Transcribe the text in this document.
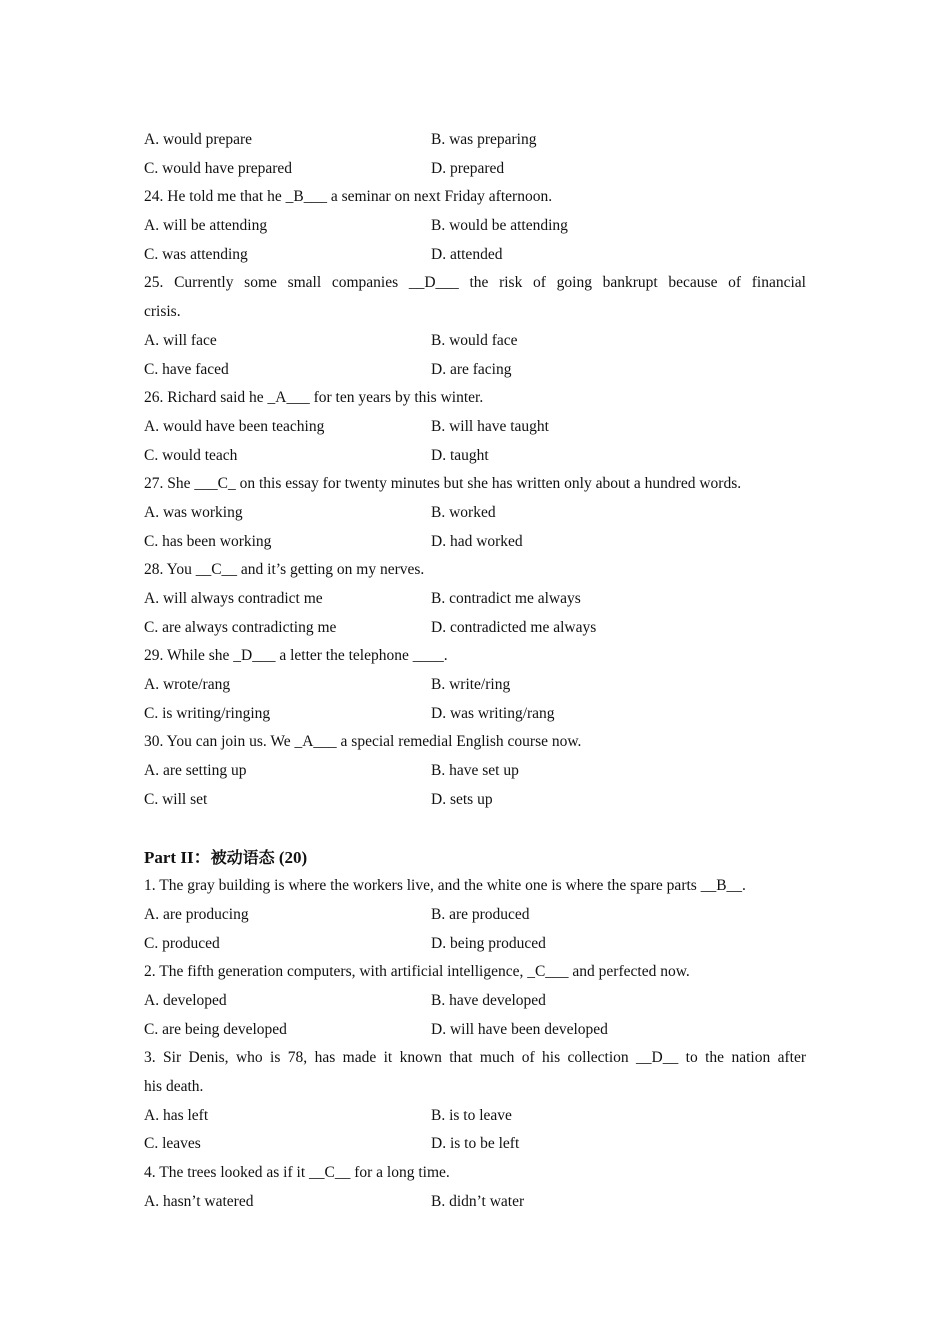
A. would prepare	B. was preparing
C. would have prepared	D. prepared
24. He told me that he _B___ a seminar on next Friday afternoon.
A. will be attending	B. would be attending
C. was attending	D. attended
25. Currently some small companies __D___ the risk of going bankrupt because of financial
crisis.
A. will face	B. would face
C. have faced	D. are facing
26. Richard said he _A___ for ten years by this winter.
A. would have been teaching	B. will have taught
C. would teach	D. taught
27. She ___C_ on this essay for twenty minutes but she has written only about a hundred words.
A. was working	B. worked
C. has been working	D. had worked
28. You __C__ and it’s getting on my nerves.
A. will always contradict me	B. contradict me always
C. are always contradicting me	D. contradicted me always
29. While she _D___ a letter the telephone ____.
A. wrote/rang	B. write/ring
C. is writing/ringing	D. was writing/rang
30. You can join us. We _A___ a special remedial English course now.
A. are setting up	B. have set up
C. will set	D. sets up
Part II：被动语态 (20)
1. The gray building is where the workers live, and the white one is where the spare parts __B__.
A. are producing	B. are produced
C. produced	D. being produced
2. The fifth generation computers, with artificial intelligence, _C___ and perfected now.
A. developed	B. have developed
C. are being developed	D. will have been developed
3. Sir Denis, who is 78, has made it known that much of his collection __D__ to the nation after
his death.
A. has left	B. is to leave
C. leaves	D. is to be left
4. The trees looked as if it __C__ for a long time.
A. hasn’t watered	B. didn’t water
